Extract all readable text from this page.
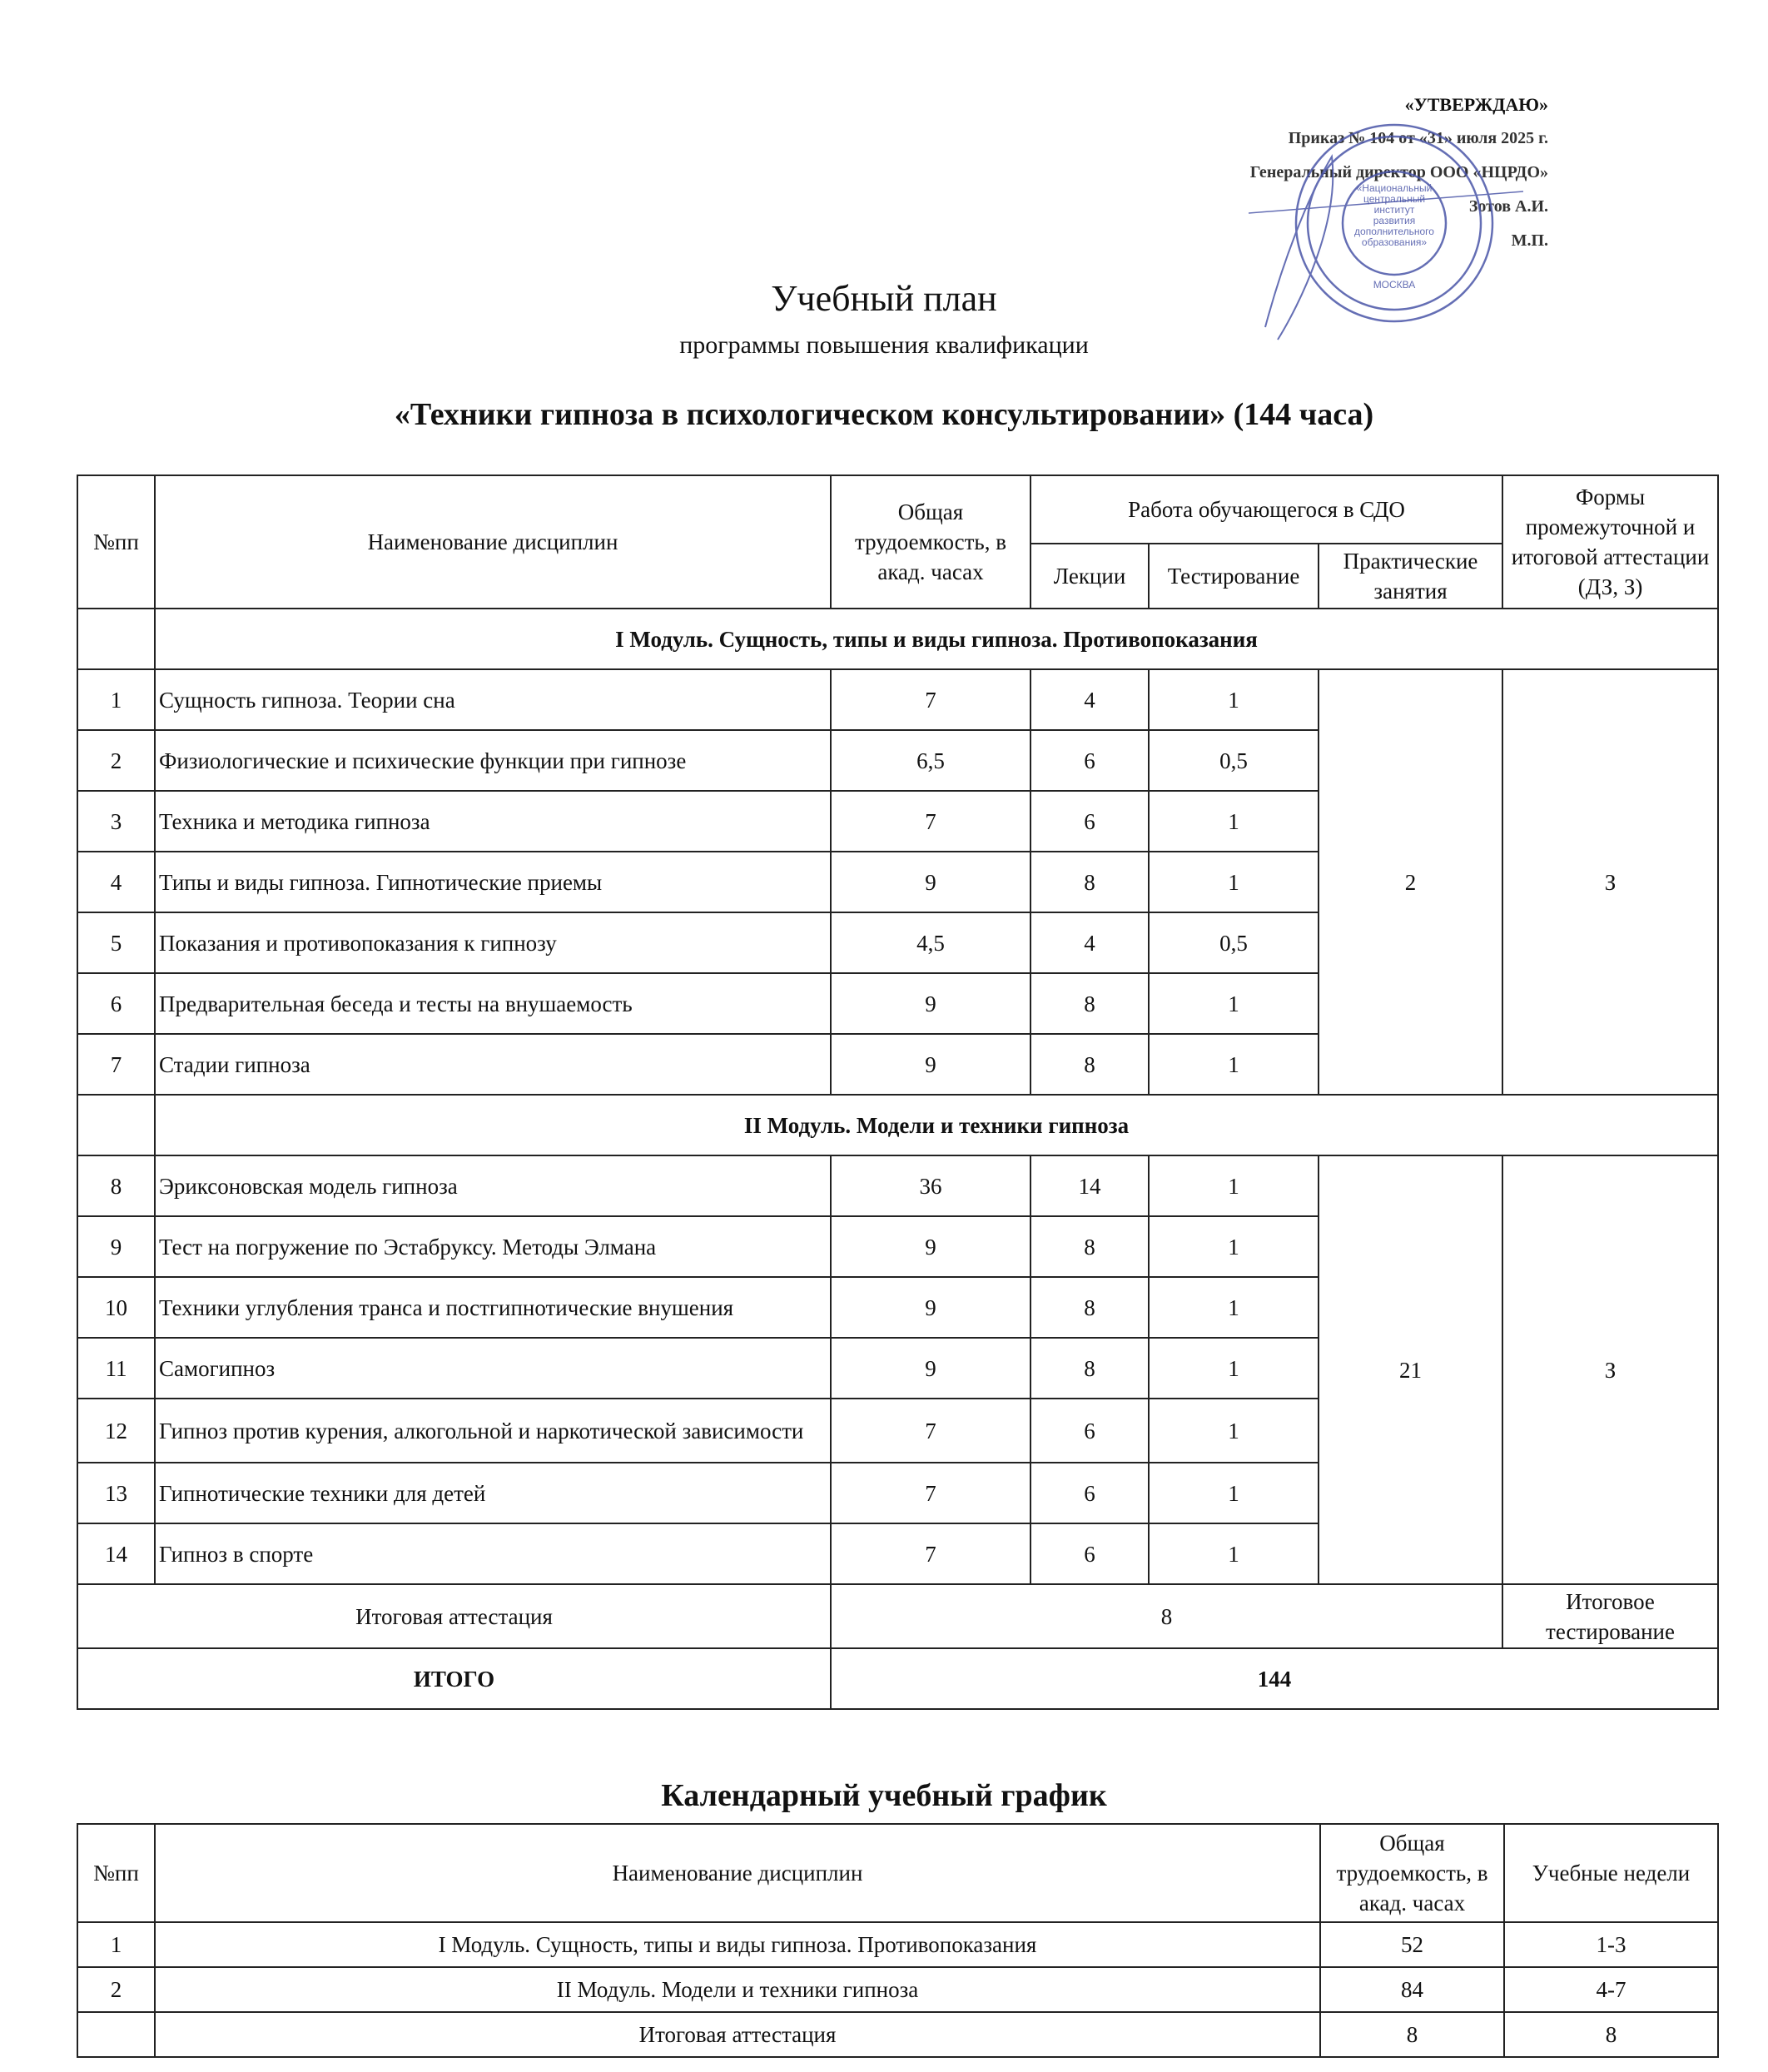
«УТВЕРЖДАЮ»
Приказ № 104 от «31» июля 2025 г.
Генеральный директор ООО «НЦРДО»
Зотов А.И.
М.П.
«Национальный
центральный
институт
развития
дополнительного
образования»
МОСКВА
Учебный план
программы повышения квалификации
«Техники гипноза в психологическом консультировании» (144 часа)
№пп	Наименование дисциплин	Общая трудоемкость, в акад. часах	Работа обучающегося в СДО			Формы промежуточной и итоговой аттестации (ДЗ, З)
			Лекции	Тестирование	Практические занятия	
	I Модуль. Сущность, типы и виды гипноза. Противопоказания					
1	Сущность гипноза. Теории сна	7	4	1	2	З
2	Физиологические и психические функции при гипнозе	6,5	6	0,5		
3	Техника и методика гипноза	7	6	1		
4	Типы и виды гипноза. Гипнотические приемы	9	8	1		
5	Показания и противопоказания к гипнозу	4,5	4	0,5		
6	Предварительная беседа и тесты на внушаемость	9	8	1		
7	Стадии гипноза	9	8	1		
	II Модуль. Модели и техники гипноза					
8	Эриксоновская модель гипноза	36	14	1	21	З
9	Тест на погружение по Эстабруксу. Методы Элмана	9	8	1		
10	Техники углубления транса и постгипнотические внушения	9	8	1		
11	Самогипноз	9	8	1		
12	Гипноз против курения, алкогольной и наркотической зависимости	7	6	1		
13	Гипнотические техники для детей	7	6	1		
14	Гипноз в спорте	7	6	1		
Итоговая аттестация		8				Итоговое тестирование
ИТОГО		144				
Календарный учебный график
№пп	Наименование дисциплин	Общая трудоемкость, в акад. часах	Учебные недели
1	I Модуль. Сущность, типы и виды гипноза. Противопоказания	52	1-3
2	II Модуль. Модели и техники гипноза	84	4-7
	Итоговая аттестация	8	8
